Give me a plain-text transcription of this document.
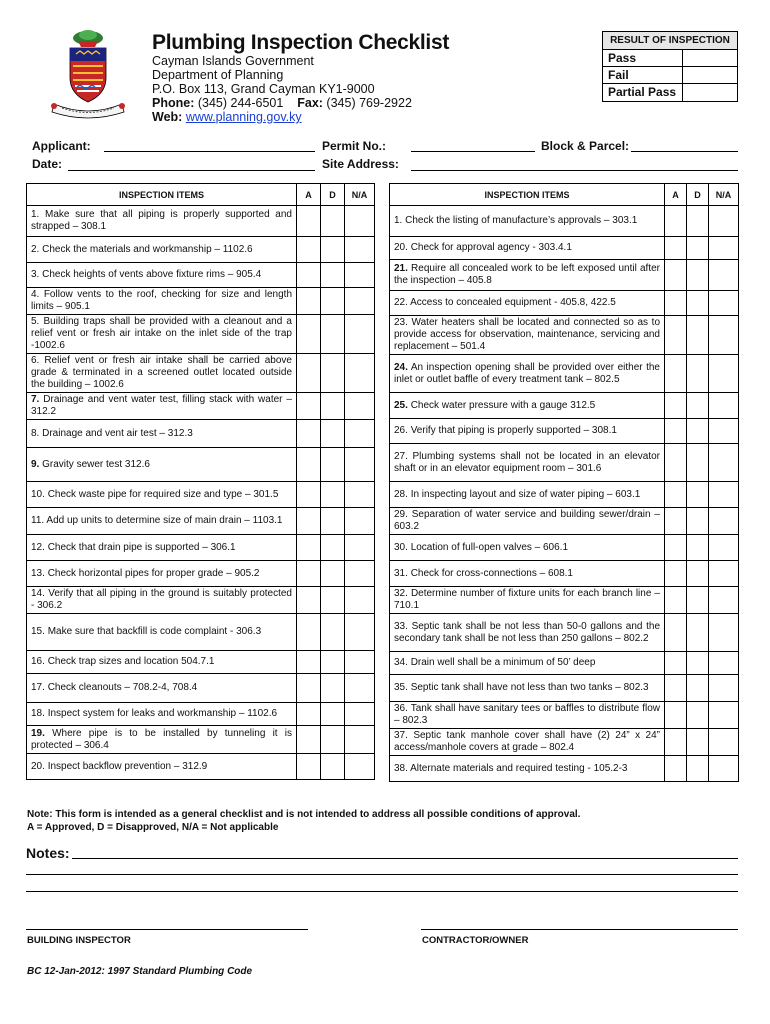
Plumbing Inspection Checklist
Cayman Islands Government
Department of Planning
P.O. Box 113, Grand Cayman KY1-9000
Phone: (345) 244-6501 Fax: (345) 769-2922
Web: www.planning.gov.ky
RESULT OF INSPECTION
Pass
Fail
Partial Pass
Applicant:
Date:
Permit No.:
Site Address:
Block & Parcel:
INSPECTION ITEMS	A	D	N/A
1. Make sure that all piping is properly supported and strapped – 308.1			
2. Check the materials and workmanship – 1102.6			
3. Check heights of vents above fixture rims – 905.4			
4. Follow vents to the roof, checking for size and length limits – 905.1			
5. Building traps shall be provided with a cleanout and a relief vent or fresh air intake on the inlet side of the trap -1002.6			
6. Relief vent or fresh air intake shall be carried above grade & terminated in a screened outlet located outside the building – 1002.6			
7. Drainage and vent water test, filling stack with water – 312.2			
8. Drainage and vent air test – 312.3			
9. Gravity sewer test 312.6			
10. Check waste pipe for required size and type – 301.5			
11. Add up units to determine size of main drain – 1103.1			
12. Check that drain pipe is supported – 306.1			
13. Check horizontal pipes for proper grade – 905.2			
14. Verify that all piping in the ground is suitably protected - 306.2			
15. Make sure that backfill is code complaint - 306.3			
16. Check trap sizes and location 504.7.1			
17. Check cleanouts – 708.2-4, 708.4			
18. Inspect system for leaks and workmanship – 1102.6			
19. Where pipe is to be installed by tunneling it is protected – 306.4			
20. Inspect backflow prevention – 312.9			
INSPECTION ITEMS	A	D	N/A
1. Check the listing of manufacture’s approvals – 303.1			
20. Check for approval agency - 303.4.1			
21. Require all concealed work to be left exposed until after the inspection – 405.8			
22. Access to concealed equipment - 405.8, 422.5			
23. Water heaters shall be located and connected so as to provide access for observation, maintenance, servicing and replacement – 501.4			
24. An inspection opening shall be provided over either the inlet or outlet baffle of every treatment tank – 802.5			
25. Check water pressure with a gauge 312.5			
26. Verify that piping is properly supported – 308.1			
27. Plumbing systems shall not be located in an elevator shaft or in an elevator equipment room – 301.6			
28. In inspecting layout and size of water piping – 603.1			
29. Separation of water service and building sewer/drain – 603.2			
30. Location of full-open valves – 606.1			
31. Check for cross-connections – 608.1			
32. Determine number of fixture units for each branch line – 710.1			
33. Septic tank shall be not less than 50-0 gallons and the secondary tank shall be not less than 250 gallons – 802.2			
34. Drain well shall be a minimum of 50’ deep			
35. Septic tank shall have not less than two tanks – 802.3			
36. Tank shall have sanitary tees or baffles to distribute flow – 802.3			
37. Septic tank manhole cover shall have (2) 24” x 24” access/manhole covers at grade – 802.4			
38. Alternate materials and required testing - 105.2-3			
Note: This form is intended as a general checklist and is not intended to address all possible conditions of approval.
A = Approved, D = Disapproved, N/A = Not applicable
Notes:
BUILDING INSPECTOR	CONTRACTOR/OWNER
BC 12-Jan-2012: 1997 Standard Plumbing Code
